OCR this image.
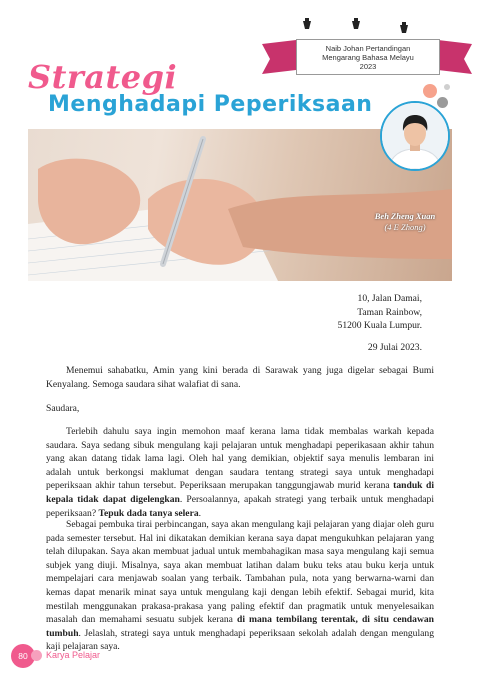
Naib Johan Pertandingan
Mengarang Bahasa Melayu
2023
Strategi
Menghadapi Peperiksaan
Beh Zheng Xuan
(4 E Zhong)
10, Jalan Damai,
Taman Rainbow,
51200 Kuala Lumpur.
29 Julai 2023.
Menemui sahabatku, Amin yang kini berada di Sarawak yang juga digelar sebagai Bumi Kenyalang. Semoga saudara sihat walafiat di sana.
Saudara,
Terlebih dahulu saya ingin memohon maaf kerana lama tidak membalas warkah kepada saudara. Saya sedang sibuk mengulang kaji pelajaran untuk menghadapi peperikasaan akhir tahun yang akan datang tidak lama lagi. Oleh hal yang demikian, objektif saya menulis lembaran ini adalah untuk berkongsi maklumat dengan saudara tentang strategi saya untuk menghadapi peperiksaan akhir tahun tersebut. Peperiksaan merupakan tanggungjawab murid kerana tanduk di kepala tidak dapat digelengkan. Persoalannya, apakah strategi yang terbaik untuk menghadapi peperiksaan? Tepuk dada tanya selera.
Sebagai pembuka tirai perbincangan, saya akan mengulang kaji pelajaran yang diajar oleh guru pada semester tersebut. Hal ini dikatakan demikian kerana saya dapat mengukuhkan pelajaran yang telah dilupakan. Saya akan membuat jadual untuk membahagikan masa saya mengulang kaji semua subjek yang diuji. Misalnya, saya akan membuat latihan dalam buku teks atau buku kerja untuk mempelajari cara menjawab soalan yang terbaik. Tambahan pula, nota yang berwarna-warni dan kemas dapat menarik minat saya untuk mengulang kaji dengan lebih efektif. Sebagai murid, kita mestilah menggunakan prakasa-prakasa yang paling efektif dan pragmatik untuk menyelesaikan masalah dan memahami sesuatu subjek kerana di mana tembilang terentak, di situ cendawan tumbuh. Jelaslah, strategi saya untuk menghadapi peperiksaan sekolah adalah dengan mengulang kaji pelajaran saya.
80	Karya Pelajar
